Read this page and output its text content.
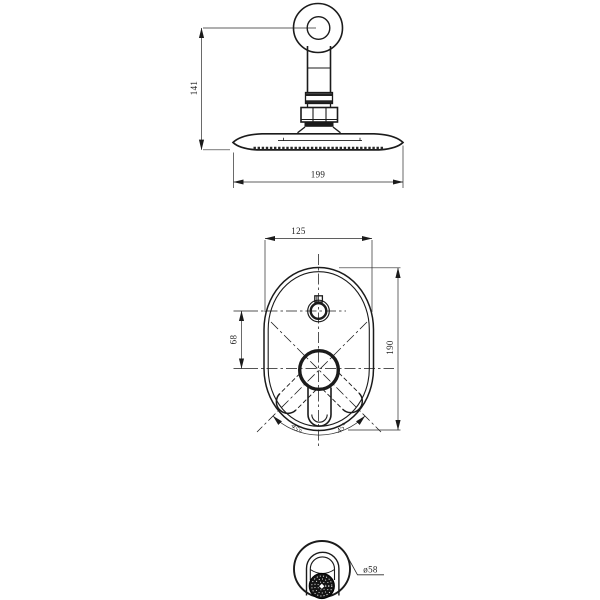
141
199
45°	45°
125
190
68
ø58
